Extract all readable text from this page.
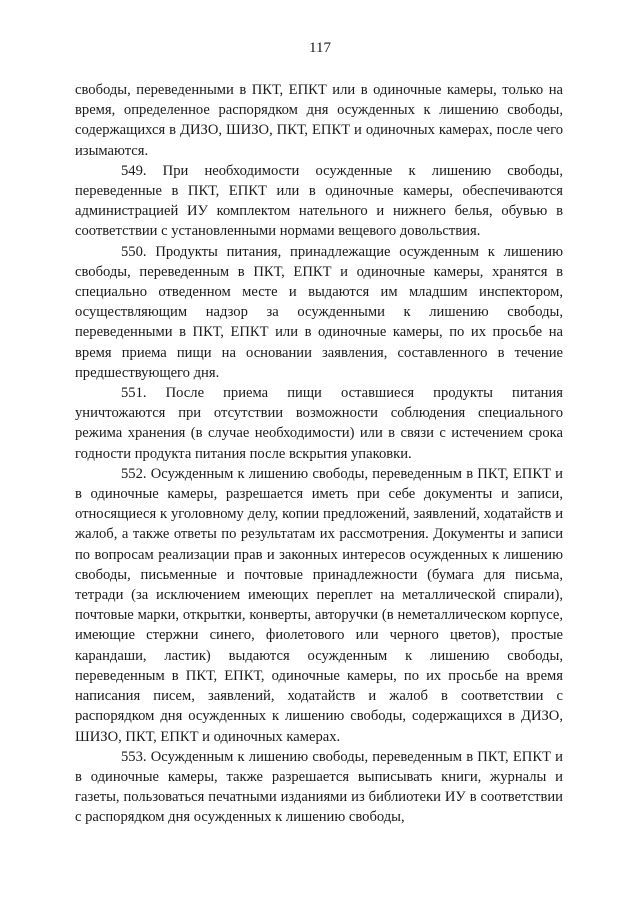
117

свободы, переведенными в ПКТ, ЕПКТ или в одиночные камеры, только на время, определенное распорядком дня осужденных к лишению свободы, содержащихся в ДИЗО, ШИЗО, ПКТ, ЕПКТ и одиночных камерах, после чего изымаются.

549. При необходимости осужденные к лишению свободы, переведенные в ПКТ, ЕПКТ или в одиночные камеры, обеспечиваются администрацией ИУ комплектом нательного и нижнего белья, обувью в соответствии с установленными нормами вещевого довольствия.

550. Продукты питания, принадлежащие осужденным к лишению свободы, переведенным в ПКТ, ЕПКТ и одиночные камеры, хранятся в специально отведенном месте и выдаются им младшим инспектором, осуществляющим надзор за осужденными к лишению свободы, переведенными в ПКТ, ЕПКТ или в одиночные камеры, по их просьбе на время приема пищи на основании заявления, составленного в течение предшествующего дня.

551. После приема пищи оставшиеся продукты питания уничтожаются при отсутствии возможности соблюдения специального режима хранения (в случае необходимости) или в связи с истечением срока годности продукта питания после вскрытия упаковки.

552. Осужденным к лишению свободы, переведенным в ПКТ, ЕПКТ и в одиночные камеры, разрешается иметь при себе документы и записи, относящиеся к уголовному делу, копии предложений, заявлений, ходатайств и жалоб, а также ответы по результатам их рассмотрения. Документы и записи по вопросам реализации прав и законных интересов осужденных к лишению свободы, письменные и почтовые принадлежности (бумага для письма, тетради (за исключением имеющих переплет на металлической спирали), почтовые марки, открытки, конверты, авторучки (в неметаллическом корпусе, имеющие стержни синего, фиолетового или черного цветов), простые карандаши, ластик) выдаются осужденным к лишению свободы, переведенным в ПКТ, ЕПКТ, одиночные камеры, по их просьбе на время написания писем, заявлений, ходатайств и жалоб в соответствии с распорядком дня осужденных к лишению свободы, содержащихся в ДИЗО, ШИЗО, ПКТ, ЕПКТ и одиночных камерах.

553. Осужденным к лишению свободы, переведенным в ПКТ, ЕПКТ и в одиночные камеры, также разрешается выписывать книги, журналы и газеты, пользоваться печатными изданиями из библиотеки ИУ в соответствии с распорядком дня осужденных к лишению свободы,
